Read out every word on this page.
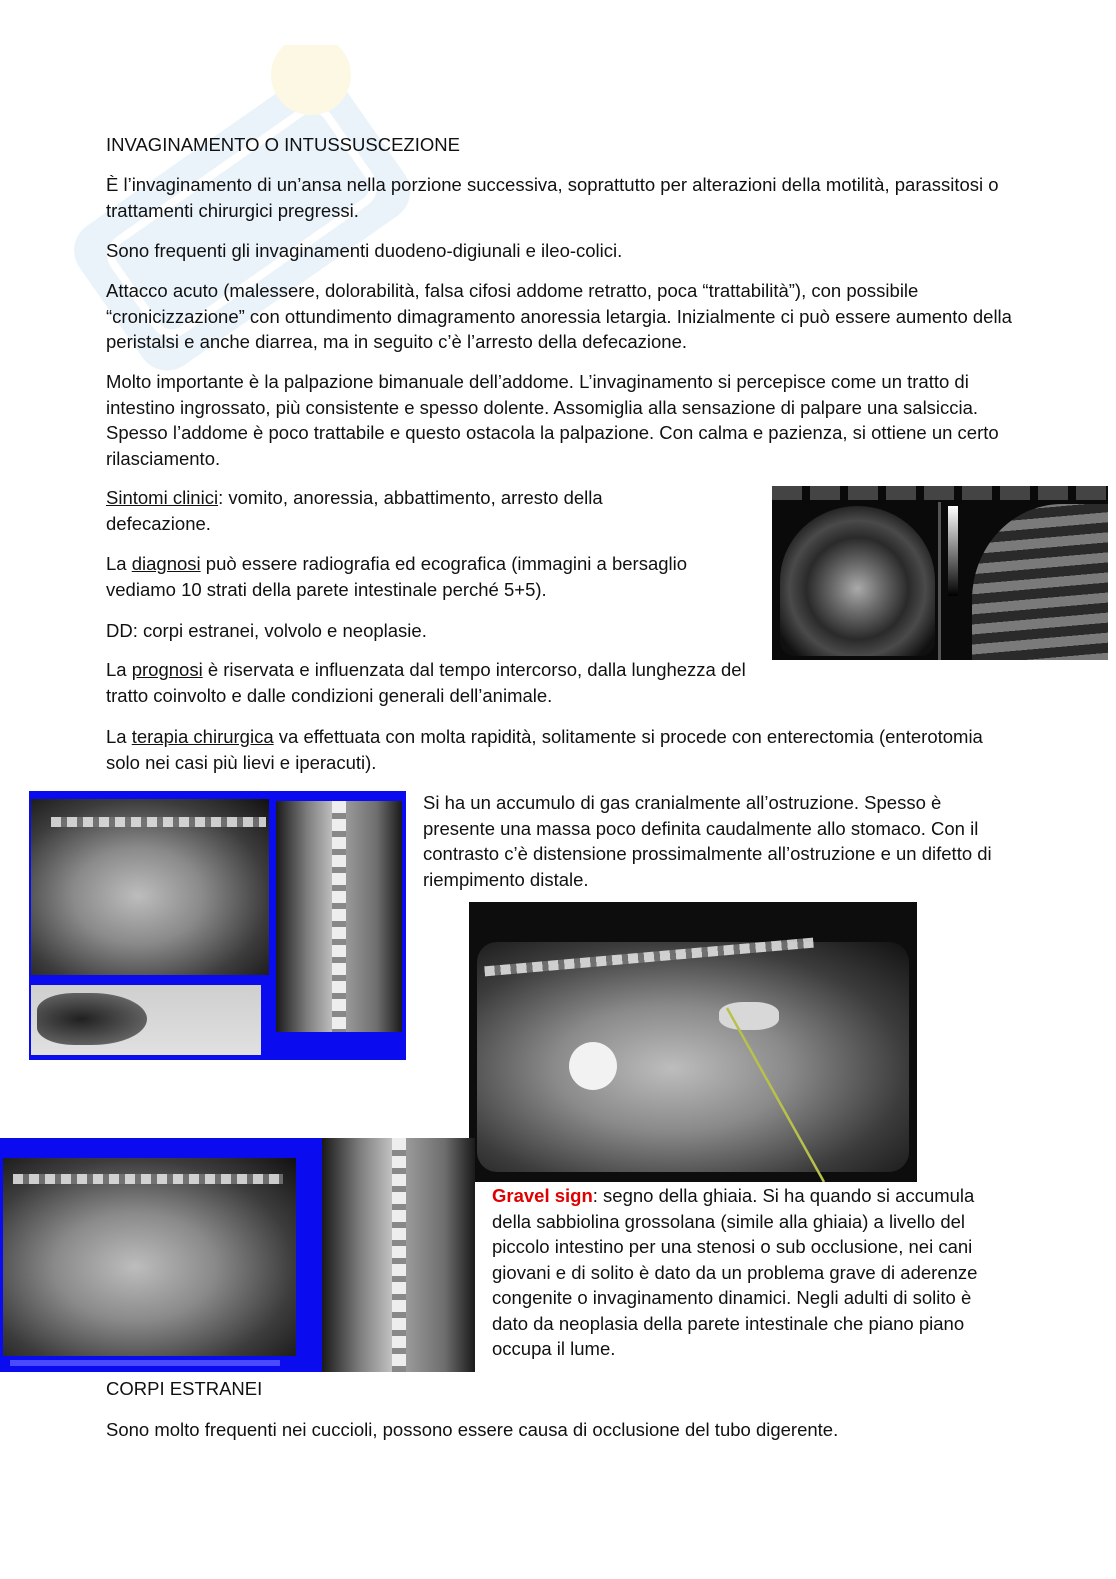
INVAGINAMENTO O INTUSSUSCEZIONE

È l’invaginamento di un’ansa nella porzione successiva, soprattutto per alterazioni della motilità, parassitosi o trattamenti chirurgici pregressi.

Sono frequenti gli invaginamenti duodeno-digiunali e ileo-colici.

Attacco acuto (malessere, dolorabilità, falsa cifosi addome retratto, poca “trattabilità”), con possibile “cronicizzazione” con ottundimento dimagramento anoressia letargia. Inizialmente ci può essere aumento della peristalsi e anche diarrea, ma in seguito c’è l’arresto della defecazione.

Molto importante è la palpazione bimanuale dell’addome. L’invaginamento si percepisce come un tratto di intestino ingrossato, più consistente e spesso dolente. Assomiglia alla sensazione di palpare una salsiccia. Spesso l’addome è poco trattabile e questo ostacola la palpazione. Con calma e pazienza, si ottiene un certo rilasciamento.

Sintomi clinici: vomito, anoressia, abbattimento, arresto della defecazione.

La diagnosi può essere radiografia ed ecografica (immagini a bersaglio vediamo 10 strati della parete intestinale perché 5+5).

DD: corpi estranei, volvolo e neoplasie.

La prognosi è riservata e influenzata dal tempo intercorso, dalla lunghezza del tratto coinvolto e dalle condizioni generali dell’animale.

La terapia chirurgica va effettuata con molta rapidità, solitamente si procede con enterectomia (enterotomia solo nei casi più lievi e iperacuti).

Si ha un accumulo di gas cranialmente all’ostruzione. Spesso è presente una massa poco definita caudalmente allo stomaco. Con il contrasto c’è distensione prossimalmente all’ostruzione e un difetto di riempimento distale.

Gravel sign: segno della ghiaia. Si ha quando si accumula della sabbiolina grossolana (simile alla ghiaia) a livello del piccolo intestino per una stenosi o sub occlusione, nei cani giovani e di solito è dato da un problema grave di aderenze congenite o invaginamento dinamici. Negli adulti di solito è dato da neoplasia della parete intestinale che piano piano occupa il lume.

CORPI ESTRANEI

Sono molto frequenti nei cuccioli, possono essere causa di occlusione del tubo digerente.
